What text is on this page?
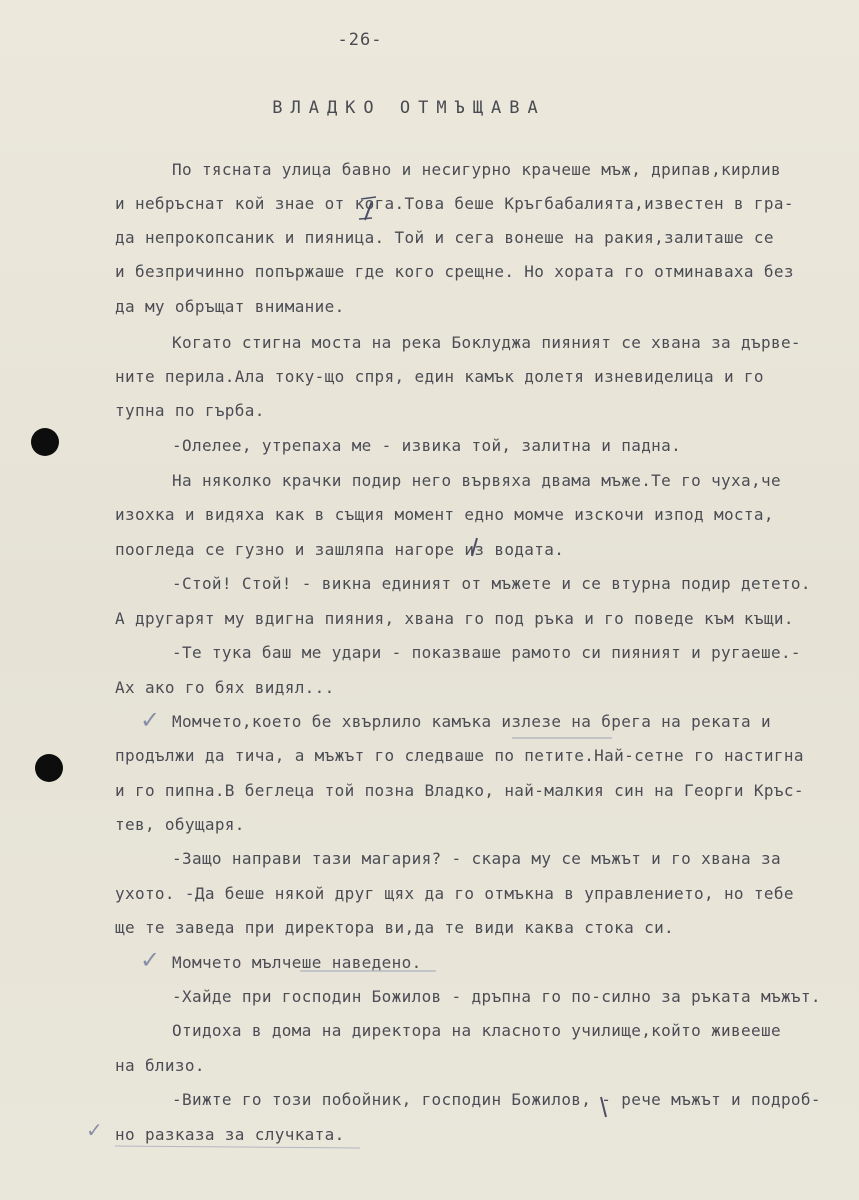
-26-
ВЛАДКО ОТМЪЩАВА
По тясната улица бавно и несигурно крачеше мъж, дрипав,кирлив
и небръснат кой знае от кога.Това беше Кръгбабалията,известен в гра-
да непрокопсаник и пияница. Той и сега вонеше на ракия,залиташе се
и безпричинно попържаше где кого срещне. Но хората го отминаваха без
да му обръщат внимание.
Когато стигна моста на река Боклуджа пияният се хвана за дърве-
ните перила.Ала току-що спря, един камък долетя изневиделица и го
тупна по гърба.
-Олелее, утрепаха ме - извика той, залитна и падна.
На няколко крачки подир него вървяха двама мъже.Те го чуха,че
изохка и видяха как в същия момент едно момче изскочи изпод моста,
поогледа се гузно и зашляпа нагоре из водата.
-Стой! Стой! - викна единият от мъжете и се втурна подир детето.
А другарят му вдигна пияния, хвана го под ръка и го поведе към къщи.
-Те тука баш ме удари - показваше рамото си пияният и ругаеше.-
Ах ако го бях видял...
Момчето,което бе хвърлило камъка излезе на брега на реката и
продължи да тича, а мъжът го следваше по петите.Най-сетне го настигна
и го пипна.В беглеца той позна Владко, най-малкия син на Георги Кръс-
тев, обущаря.
-Защо направи тази магария? - скара му се мъжът и го хвана за
ухото. -Да беше някой друг щях да го отмъкна в управлението, но тебе
ще те заведа при директора ви,да те види каква стока си.
Момчето мълчеше наведено.
-Хайде при господин Божилов - дръпна го по-силно за ръката мъжът.
Отидоха в дома на директора на класното училище,който живееше
на близо.
-Вижте го този побойник, господин Божилов, - рече мъжът и подроб-
но разказа за случката.
✓
✓
✓
